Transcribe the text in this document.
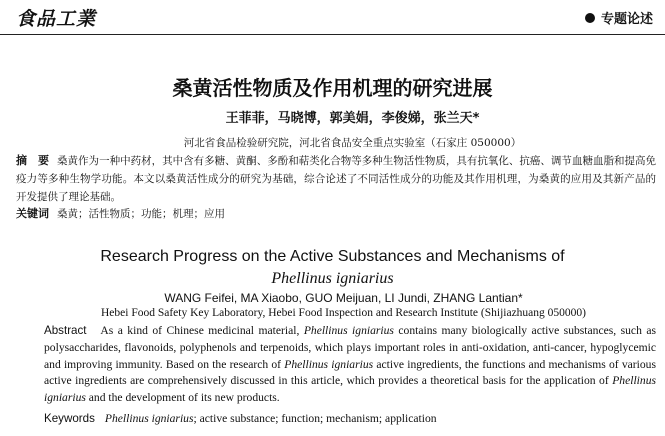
食品工業	专题论述
桑黄活性物质及作用机理的研究进展
王菲菲，马晓博，郭美娟，李俊娣，张兰天*
河北省食品检验研究院，河北省食品安全重点实验室（石家庄 050000）
摘　要 桑黄作为一种中药材，其中含有多糖、黄酮、多酚和萜类化合物等多种生物活性物质，具有抗氧化、抗癌、调节血糖血脂和提高免疫力等多种生物学功能。本文以桑黄活性成分的研究为基础，综合论述了不同活性成分的功能及其作用机理，为桑黄的应用及其新产品的开发提供了理论基础。
关键词 桑黄；活性物质；功能；机理；应用
Research Progress on the Active Substances and Mechanisms of
Phellinus igniarius
WANG Feifei, MA Xiaobo, GUO Meijuan, LI Jundi, ZHANG Lantian*
Hebei Food Safety Key Laboratory, Hebei Food Inspection and Research Institute (Shijiazhuang 050000)
Abstract As a kind of Chinese medicinal material, Phellinus igniarius contains many biologically active substances, such as polysaccharides, flavonoids, polyphenols and terpenoids, which plays important roles in anti-oxidation, anti-cancer, hypoglycemic and improving immunity. Based on the research of Phellinus igniarius active ingredients, the functions and mechanisms of various active ingredients are comprehensively discussed in this article, which provides a theoretical basis for the application of Phellinus igniarius and the development of its new products.
Keywords Phellinus igniarius; active substance; function; mechanism; application
